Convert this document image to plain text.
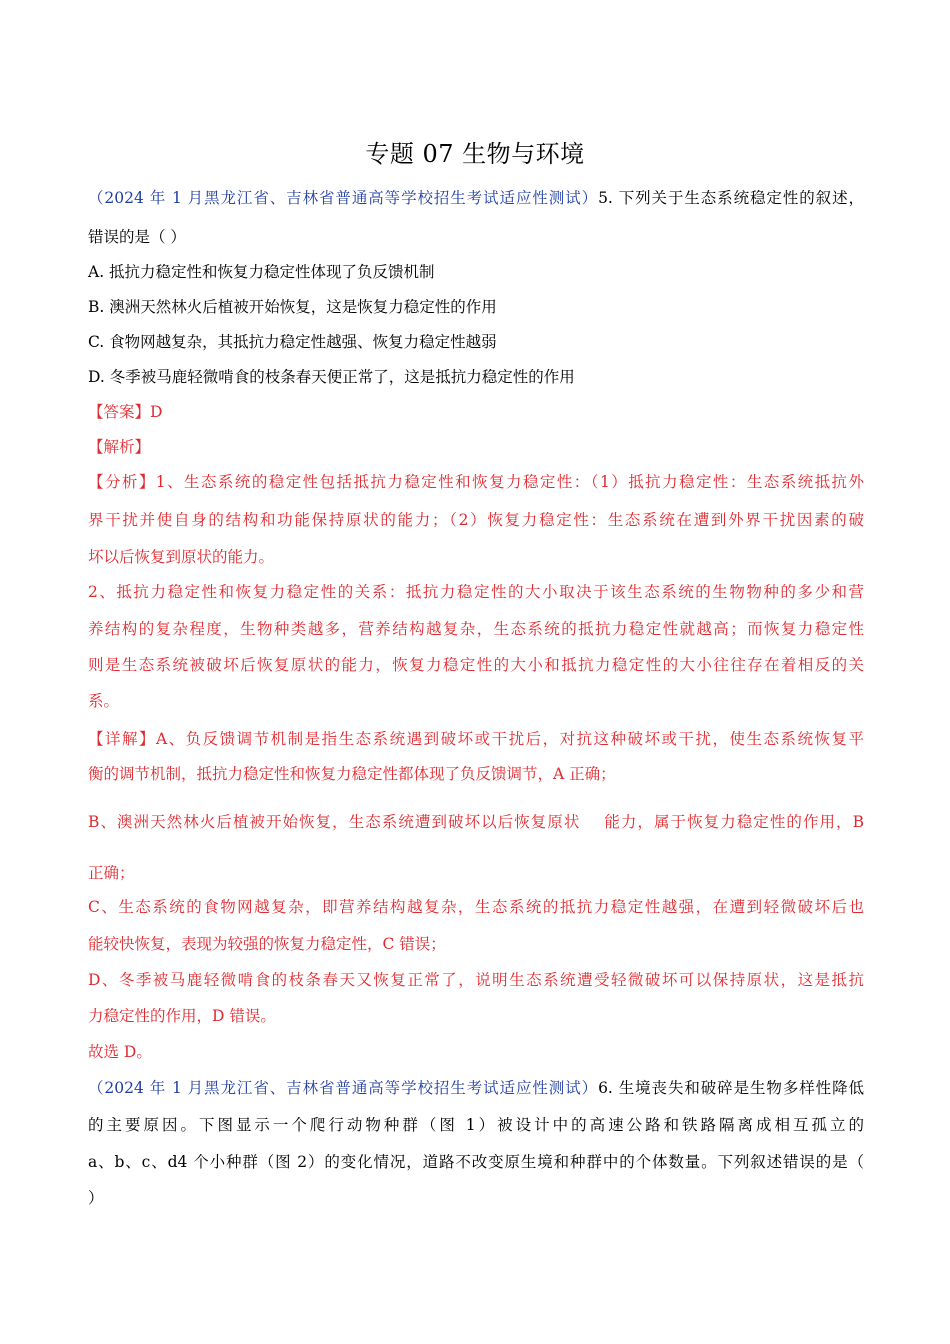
专题 07 生物与环境
（2024 年 1 月黑龙江省、吉林省普通高等学校招生考试适应性测试）5. 下列关于生态系统稳定性的叙述，
错误的是（ ）
A. 抵抗力稳定性和恢复力稳定性体现了负反馈机制
B. 澳洲天然林火后植被开始恢复，这是恢复力稳定性的作用
C. 食物网越复杂，其抵抗力稳定性越强、恢复力稳定性越弱
D. 冬季被马鹿轻微啃食的枝条春天便正常了，这是抵抗力稳定性的作用
【答案】D
【解析】
【分析】1、生态系统的稳定性包括抵抗力稳定性和恢复力稳定性：（1）抵抗力稳定性：生态系统抵抗外
界干扰并使自身的结构和功能保持原状的能力；（2）恢复力稳定性：生态系统在遭到外界干扰因素的破
坏以后恢复到原状的能力。
2、抵抗力稳定性和恢复力稳定性的关系：抵抗力稳定性的大小取决于该生态系统的生物物种的多少和营
养结构的复杂程度，生物种类越多，营养结构越复杂，生态系统的抵抗力稳定性就越高；而恢复力稳定性
则是生态系统被破坏后恢复原状的能力，恢复力稳定性的大小和抵抗力稳定性的大小往往存在着相反的关
系。
【详解】A、负反馈调节机制是指生态系统遇到破坏或干扰后，对抗这种破坏或干扰，使生态系统恢复平
衡的调节机制，抵抗力稳定性和恢复力稳定性都体现了负反馈调节，A 正确；
B、澳洲天然林火后植被开始恢复，生态系统遭到破坏以后恢复原状    能力，属于恢复力稳定性的作用，B
正确；
C、生态系统的食物网越复杂，即营养结构越复杂，生态系统的抵抗力稳定性越强，在遭到轻微破坏后也
能较快恢复，表现为较强的恢复力稳定性，C 错误；
D、冬季被马鹿轻微啃食的枝条春天又恢复正常了，说明生态系统遭受轻微破坏可以保持原状，这是抵抗
力稳定性的作用，D 错误。
故选 D。
（2024 年 1 月黑龙江省、吉林省普通高等学校招生考试适应性测试）6. 生境丧失和破碎是生物多样性降低
的主要原因。下图显示一个爬行动物种群（图 1）被设计中的高速公路和铁路隔离成相互孤立的
a、b、c、d4 个小种群（图 2）的变化情况，道路不改变原生境和种群中的个体数量。下列叙述错误的是（
）
